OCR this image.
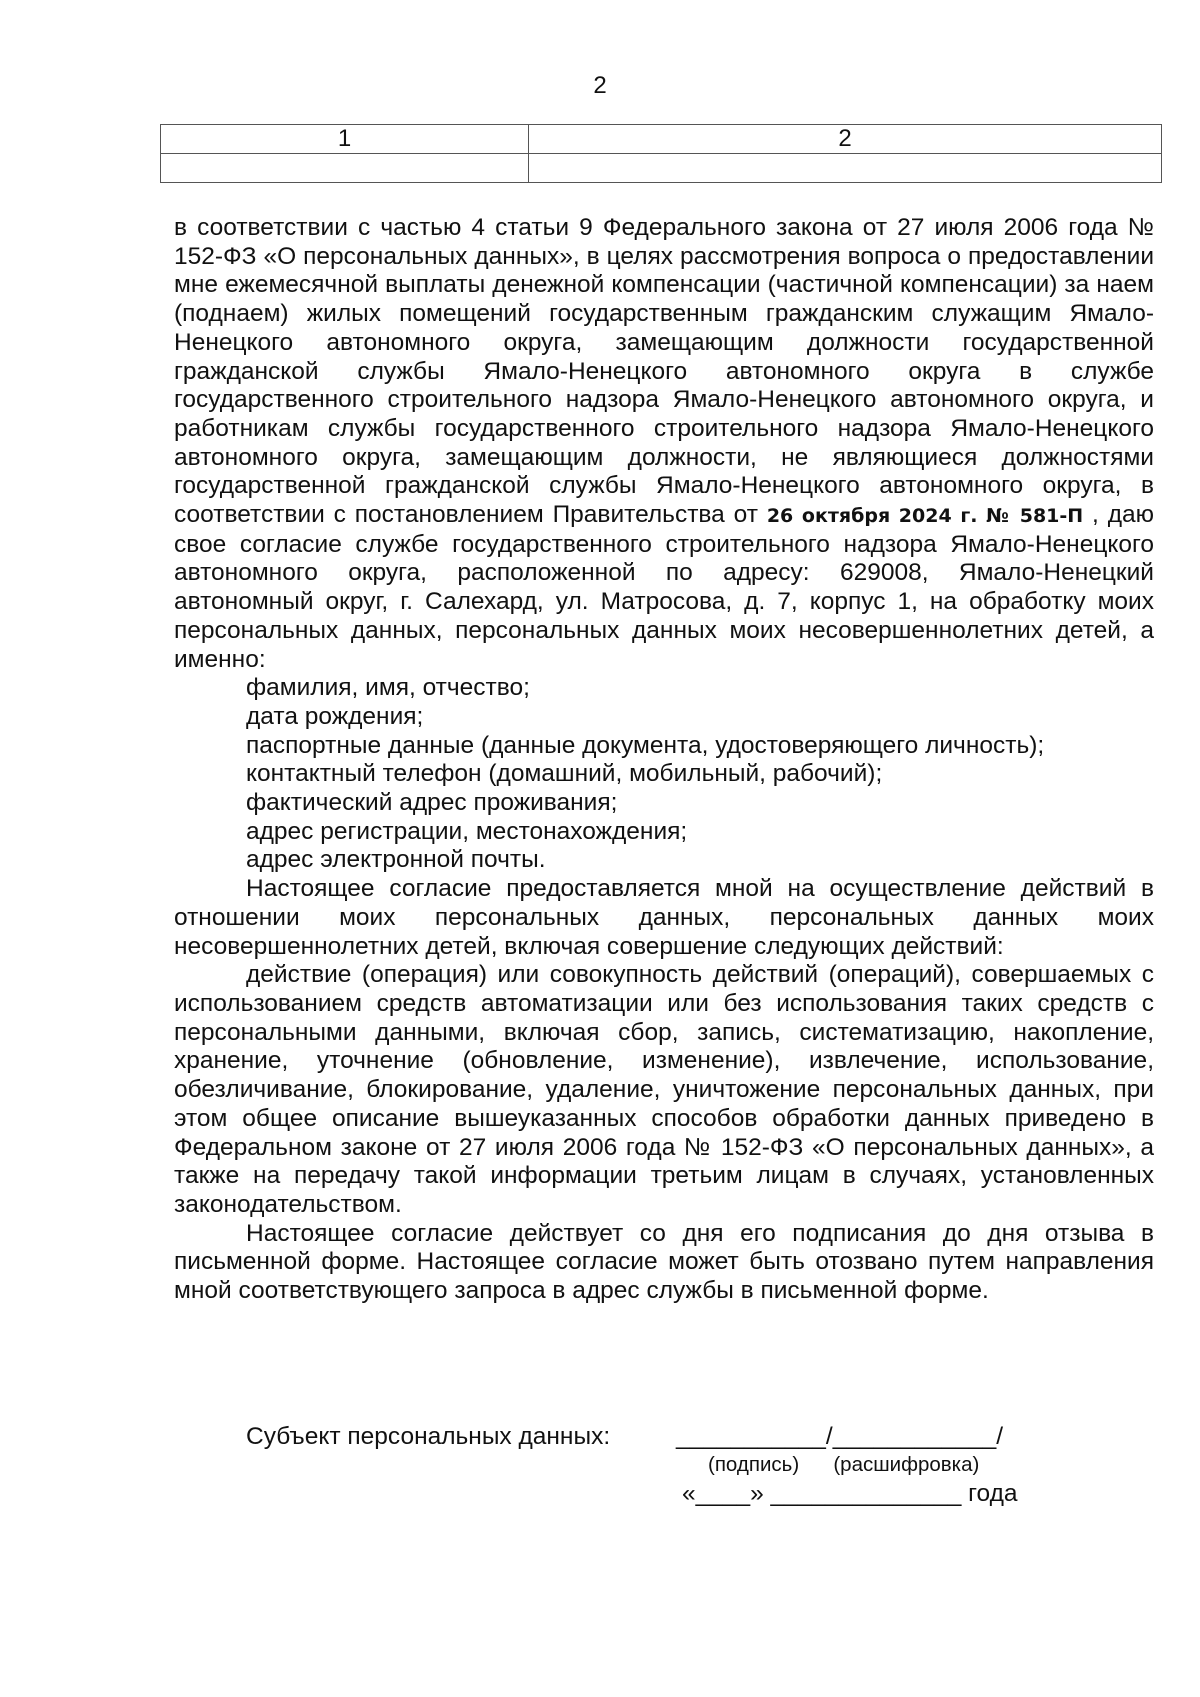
2
1	2

в соответствии с частью 4 статьи 9 Федерального закона от 27 июля 2006 года № 152-ФЗ «О персональных данных», в целях рассмотрения вопроса о предоставлении мне ежемесячной выплаты денежной компенсации (частичной компенсации) за наем (поднаем) жилых помещений государственным гражданским служащим Ямало-Ненецкого автономного округа, замещающим должности государственной гражданской службы Ямало-Ненецкого автономного округа в службе государственного строительного надзора Ямало-Ненецкого автономного округа, и работникам службы государственного строительного надзора Ямало-Ненецкого автономного округа, замещающим должности, не являющиеся должностями государственной гражданской службы Ямало-Ненецкого автономного округа, в соответствии с постановлением Правительства от 26 октября 2024 г. № 581-П , даю свое согласие службе государственного строительного надзора Ямало-Ненецкого автономного округа, расположенной по адресу: 629008, Ямало-Ненецкий автономный округ, г. Салехард, ул. Матросова, д. 7, корпус 1, на обработку моих персональных данных, персональных данных моих несовершеннолетних детей, а именно:

фамилия, имя, отчество;

дата рождения;

паспортные данные (данные документа, удостоверяющего личность);

контактный телефон (домашний, мобильный, рабочий);

фактический адрес проживания;

адрес регистрации, местонахождения;

адрес электронной почты.

Настоящее согласие предоставляется мной на осуществление действий в отношении моих персональных данных, персональных данных моих несовершеннолетних детей, включая совершение следующих действий:

действие (операция) или совокупность действий (операций), совершаемых с использованием средств автоматизации или без использования таких средств с персональными данными, включая сбор, запись, систематизацию, накопление, хранение, уточнение (обновление, изменение), извлечение, использование, обезличивание, блокирование, удаление, уничтожение персональных данных, при этом общее описание вышеуказанных способов обработки данных приведено в Федеральном законе от 27 июля 2006 года № 152-ФЗ «О персональных данных», а также на передачу такой информации третьим лицам в случаях, установленных законодательством.

Настоящее согласие действует со дня его подписания до дня отзыва в письменной форме. Настоящее согласие может быть отозвано путем направления мной соответствующего запроса в адрес службы в письменной форме.

Субъект персональных данных:	___________/____________/
(подпись) (расшифровка)
«____» ______________ года
